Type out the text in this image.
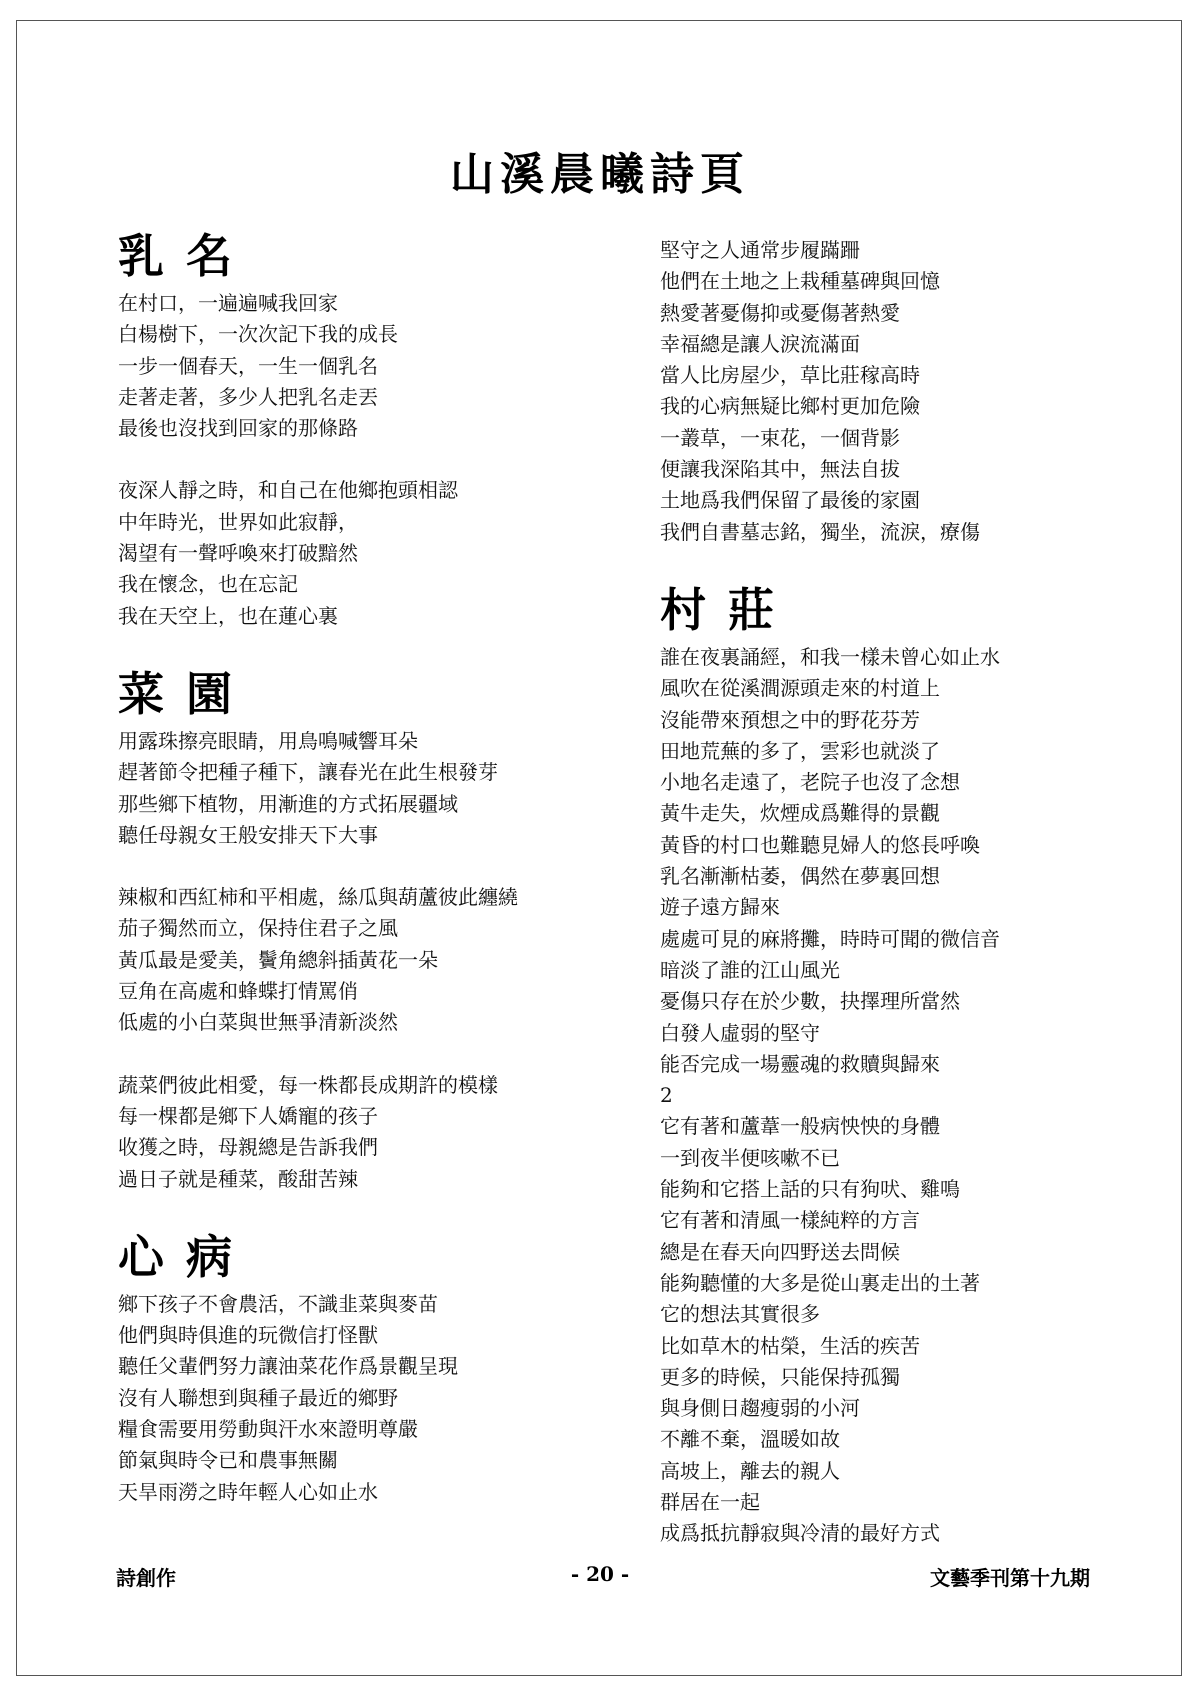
山溪晨曦詩頁
乳名
在村口，一遍遍喊我回家
白楊樹下，一次次記下我的成長
一步一個春天，一生一個乳名
走著走著，多少人把乳名走丟
最後也沒找到回家的那條路
夜深人靜之時，和自己在他鄉抱頭相認
中年時光，世界如此寂靜，
渴望有一聲呼喚來打破黯然
我在懷念，也在忘記
我在天空上，也在蓮心裏
菜園
用露珠擦亮眼睛，用鳥鳴喊響耳朵
趕著節令把種子種下，讓春光在此生根發芽
那些鄉下植物，用漸進的方式拓展疆域
聽任母親女王般安排天下大事
辣椒和西紅柿和平相處，絲瓜與葫蘆彼此纏繞
茄子獨然而立，保持住君子之風
黃瓜最是愛美，鬢角總斜插黃花一朵
豆角在高處和蜂蝶打情罵俏
低處的小白菜與世無爭清新淡然
蔬菜們彼此相愛，每一株都長成期許的模樣
每一棵都是鄉下人嬌寵的孩子
收獲之時，母親總是告訴我們
過日子就是種菜，酸甜苦辣
心病
鄉下孩子不會農活，不識韭菜與麥苗
他們與時俱進的玩微信打怪獸
聽任父輩們努力讓油菜花作爲景觀呈現
沒有人聯想到與種子最近的鄉野
糧食需要用勞動與汗水來證明尊嚴
節氣與時令已和農事無關
天旱雨澇之時年輕人心如止水
堅守之人通常步履蹣跚
他們在土地之上栽種墓碑與回憶
熱愛著憂傷抑或憂傷著熱愛
幸福總是讓人淚流滿面
當人比房屋少，草比莊稼高時
我的心病無疑比鄉村更加危險
一叢草，一束花，一個背影
便讓我深陷其中，無法自拔
土地爲我們保留了最後的家園
我們自書墓志銘，獨坐，流淚，療傷
村莊
誰在夜裏誦經，和我一樣未曾心如止水
風吹在從溪澗源頭走來的村道上
沒能帶來預想之中的野花芬芳
田地荒蕪的多了，雲彩也就淡了
小地名走遠了，老院子也沒了念想
黃牛走失，炊煙成爲難得的景觀
黃昏的村口也難聽見婦人的悠長呼喚
乳名漸漸枯萎，偶然在夢裏回想
遊子遠方歸來
處處可見的麻將攤，時時可聞的微信音
暗淡了誰的江山風光
憂傷只存在於少數，抉擇理所當然
白發人虛弱的堅守
能否完成一場靈魂的救贖與歸來
2
它有著和蘆葦一般病怏怏的身體
一到夜半便咳嗽不已
能夠和它搭上話的只有狗吠、雞鳴
它有著和清風一樣純粹的方言
總是在春天向四野送去問候
能夠聽懂的大多是從山裏走出的土著
它的想法其實很多
比如草木的枯榮，生活的疾苦
更多的時候，只能保持孤獨
與身側日趨瘦弱的小河
不離不棄，溫暖如故
高坡上，離去的親人
群居在一起
成爲抵抗靜寂與冷清的最好方式
詩創作	- 20 -	文藝季刊第十九期
